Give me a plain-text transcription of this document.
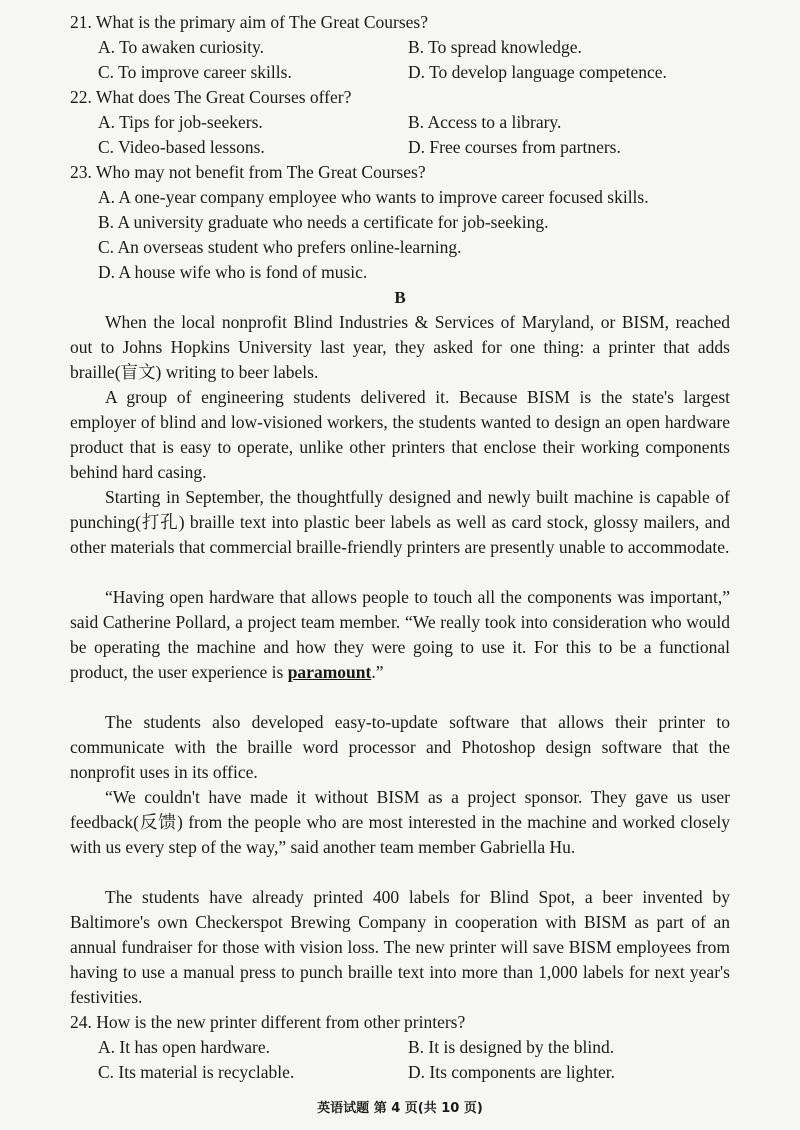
21. What is the primary aim of The Great Courses?
A. To awaken curiosity.	B. To spread knowledge.
C. To improve career skills.	D. To develop language competence.
22. What does The Great Courses offer?
A. Tips for job-seekers.	B. Access to a library.
C. Video-based lessons.	D. Free courses from partners.
23. Who may not benefit from The Great Courses?
A. A one-year company employee who wants to improve career focused skills.
B. A university graduate who needs a certificate for job-seeking.
C. An overseas student who prefers online-learning.
D. A house wife who is fond of music.
B
When the local nonprofit Blind Industries & Services of Maryland, or BISM, reached out to Johns Hopkins University last year, they asked for one thing: a printer that adds braille(盲文) writing to beer labels.
A group of engineering students delivered it. Because BISM is the state's largest employer of blind and low-visioned workers, the students wanted to design an open hardware product that is easy to operate, unlike other printers that enclose their working components behind hard casing.
Starting in September, the thoughtfully designed and newly built machine is capable of punching(打孔) braille text into plastic beer labels as well as card stock, glossy mailers, and other materials that commercial braille-friendly printers are presently unable to accommodate.
“Having open hardware that allows people to touch all the components was important,” said Catherine Pollard, a project team member. “We really took into consideration who would be operating the machine and how they were going to use it. For this to be a functional product, the user experience is paramount.”
The students also developed easy-to-update software that allows their printer to communicate with the braille word processor and Photoshop design software that the nonprofit uses in its office.
“We couldn't have made it without BISM as a project sponsor. They gave us user feedback(反馈) from the people who are most interested in the machine and worked closely with us every step of the way,” said another team member Gabriella Hu.
The students have already printed 400 labels for Blind Spot, a beer invented by Baltimore's own Checkerspot Brewing Company in cooperation with BISM as part of an annual fundraiser for those with vision loss. The new printer will save BISM employees from having to use a manual press to punch braille text into more than 1,000 labels for next year's festivities.
24. How is the new printer different from other printers?
A. It has open hardware.	B. It is designed by the blind.
C. Its material is recyclable.	D. Its components are lighter.
英语试题 第 4 页(共 10 页)
